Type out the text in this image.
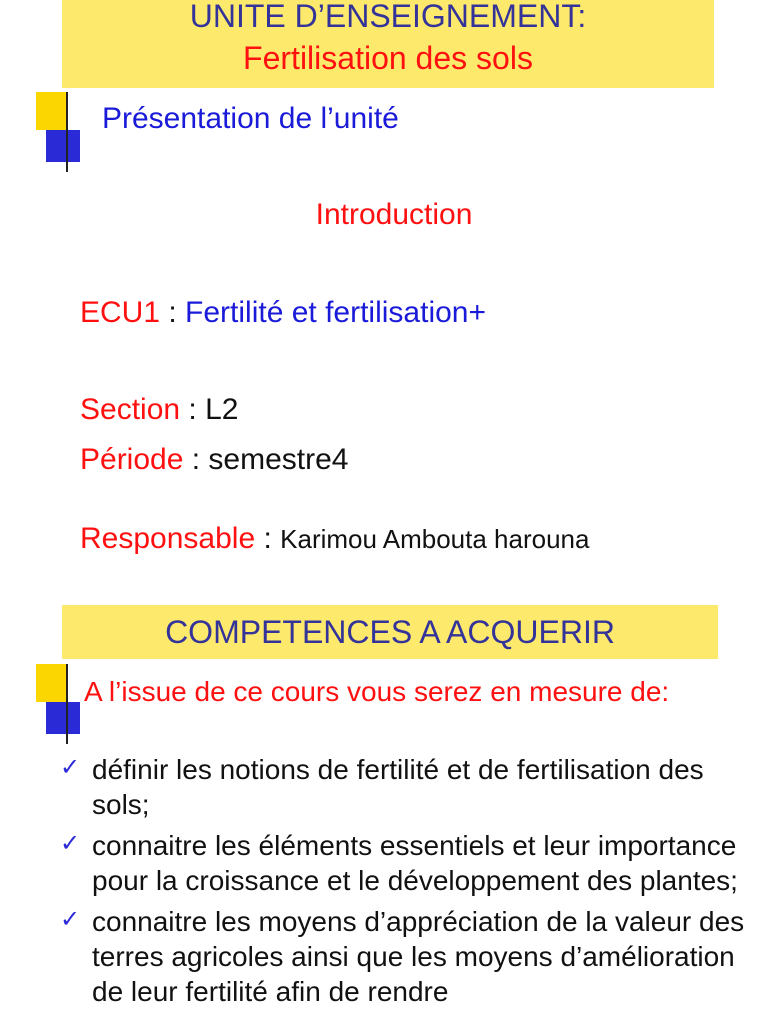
UNITE D’ENSEIGNEMENT:
Fertilisation des sols
Présentation de l’unité
Introduction
ECU1 : Fertilité et fertilisation+
Section : L2
Période : semestre4
Responsable : Karimou Ambouta harouna
COMPETENCES A ACQUERIR
A l’issue de ce cours vous serez en mesure de:
✓ définir les notions de fertilité et de fertilisation des sols;
✓ connaitre les éléments essentiels et leur importance pour la croissance et le développement des plantes;
✓ connaitre les moyens d’appréciation de la valeur des terres agricoles ainsi que les moyens d’amélioration de leur fertilité afin de rendre
